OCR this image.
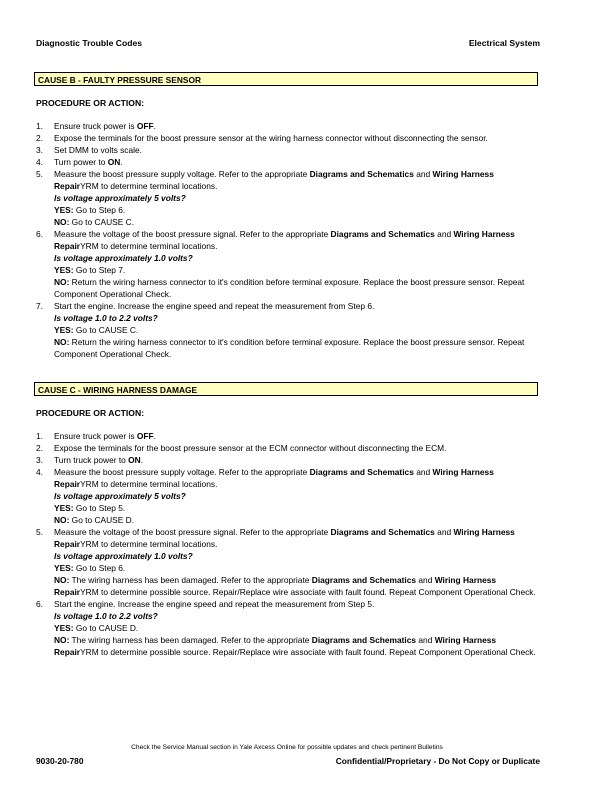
Diagnostic Trouble Codes	Electrical System
CAUSE B - FAULTY PRESSURE SENSOR
PROCEDURE OR ACTION:
1. Ensure truck power is OFF.
2. Expose the terminals for the boost pressure sensor at the wiring harness connector without disconnecting the sensor.
3. Set DMM to volts scale.
4. Turn power to ON.
5. Measure the boost pressure supply voltage. Refer to the appropriate Diagrams and Schematics and Wiring Harness RepairYRM to determine terminal locations.
Is voltage approximately 5 volts?
YES: Go to Step 6.
NO: Go to CAUSE C.
6. Measure the voltage of the boost pressure signal. Refer to the appropriate Diagrams and Schematics and Wiring Harness RepairYRM to determine terminal locations.
Is voltage approximately 1.0 volts?
YES: Go to Step 7.
NO: Return the wiring harness connector to it's condition before terminal exposure. Replace the boost pressure sensor. Repeat Component Operational Check.
7. Start the engine. Increase the engine speed and repeat the measurement from Step 6.
Is voltage 1.0 to 2.2 volts?
YES: Go to CAUSE C.
NO: Return the wiring harness connector to it's condition before terminal exposure. Replace the boost pressure sensor. Repeat Component Operational Check.
CAUSE C - WIRING HARNESS DAMAGE
PROCEDURE OR ACTION:
1. Ensure truck power is OFF.
2. Expose the terminals for the boost pressure sensor at the ECM connector without disconnecting the ECM.
3. Turn truck power to ON.
4. Measure the boost pressure supply voltage. Refer to the appropriate Diagrams and Schematics and Wiring Harness RepairYRM to determine terminal locations.
Is voltage approximately 5 volts?
YES: Go to Step 5.
NO: Go to CAUSE D.
5. Measure the voltage of the boost pressure signal. Refer to the appropriate Diagrams and Schematics and Wiring Harness RepairYRM to determine terminal locations.
Is voltage approximately 1.0 volts?
YES: Go to Step 6.
NO: The wiring harness has been damaged. Refer to the appropriate Diagrams and Schematics and Wiring Harness RepairYRM to determine possible source. Repair/Replace wire associate with fault found. Repeat Component Operational Check.
6. Start the engine. Increase the engine speed and repeat the measurement from Step 5.
Is voltage 1.0 to 2.2 volts?
YES: Go to CAUSE D.
NO: The wiring harness has been damaged. Refer to the appropriate Diagrams and Schematics and Wiring Harness RepairYRM to determine possible source. Repair/Replace wire associate with fault found. Repeat Component Operational Check.
Check the Service Manual section in Yale Axcess Online for possible updates and check pertinent Bulletins
9030-20-780	Confidential/Proprietary - Do Not Copy or Duplicate
